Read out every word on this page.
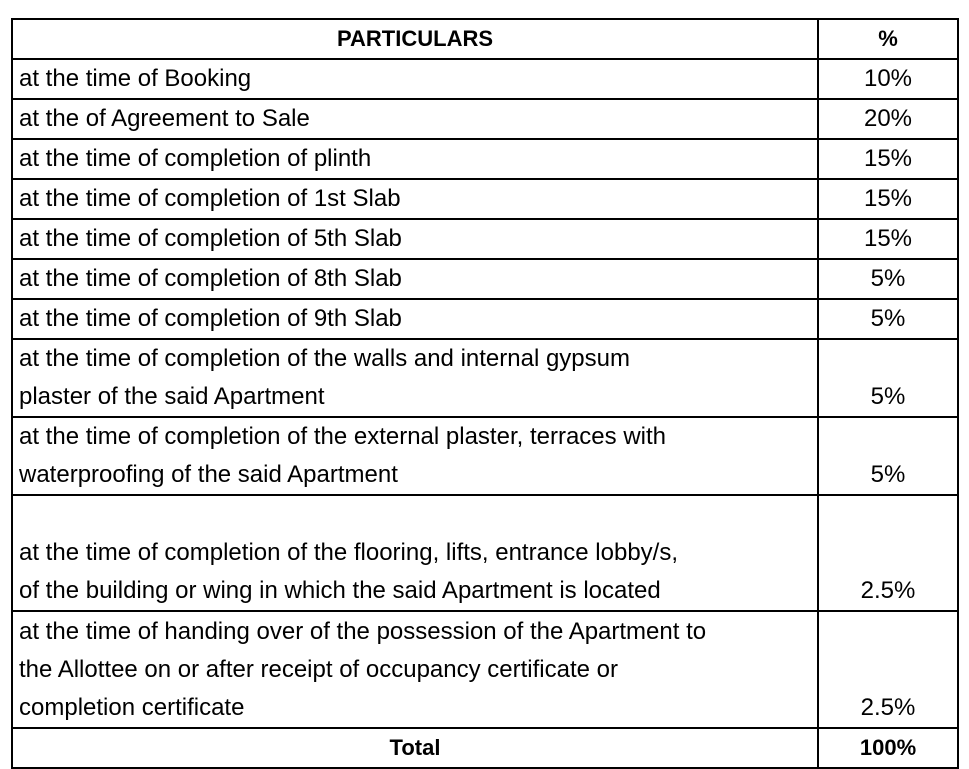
PARTICULARS	%

at the time of Booking	10%

at the of Agreement to Sale	20%

at the time of completion of plinth	15%

at the time of completion of 1st Slab	15%

at the time of completion of 5th Slab	15%

at the time of completion of 8th Slab	5%

at the time of completion of 9th Slab	5%

at the time of completion of the walls and internal gypsum
plaster of the said Apartment	5%

at the time of completion of the external plaster, terraces with
waterproofing of the said Apartment	5%

at the time of completion of the flooring, lifts, entrance lobby/s,
of the building or wing in which the said Apartment is located	2.5%

at the time of handing over of the possession of the Apartment to
the Allottee on or after receipt of occupancy certificate or
completion certificate	2.5%
Total	100%
